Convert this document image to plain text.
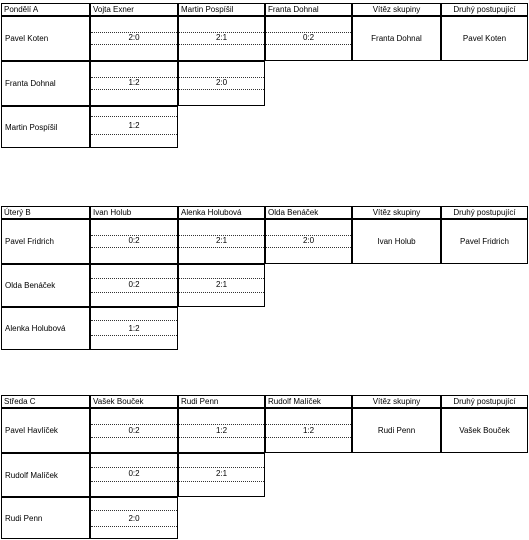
Pondělí A	Vojta Exner	Martin Pospíšil	Franta Dohnal	Vítěz skupiny	Druhý postupující
Pavel Koten	2:0	2:1	0:2	Franta Dohnal	Pavel Koten
Franta Dohnal	1:2	2:0
Martin Pospíšil	1:2
Úterý B	Ivan Holub	Alenka Holubová	Olda Benáček	Vítěz skupiny	Druhý postupující
Pavel Fridrich	0:2	2:1	2:0	Ivan Holub	Pavel Fridrich
Olda Benáček	0:2	2:1
Alenka Holubová	1:2
Středa C	Vašek Bouček	Rudi Penn	Rudolf Malíček	Vítěz skupiny	Druhý postupující
Pavel Havlíček	0:2	1:2	1:2	Rudi Penn	Vašek Bouček
Rudolf Malíček	0:2	2:1
Rudi Penn	2:0
